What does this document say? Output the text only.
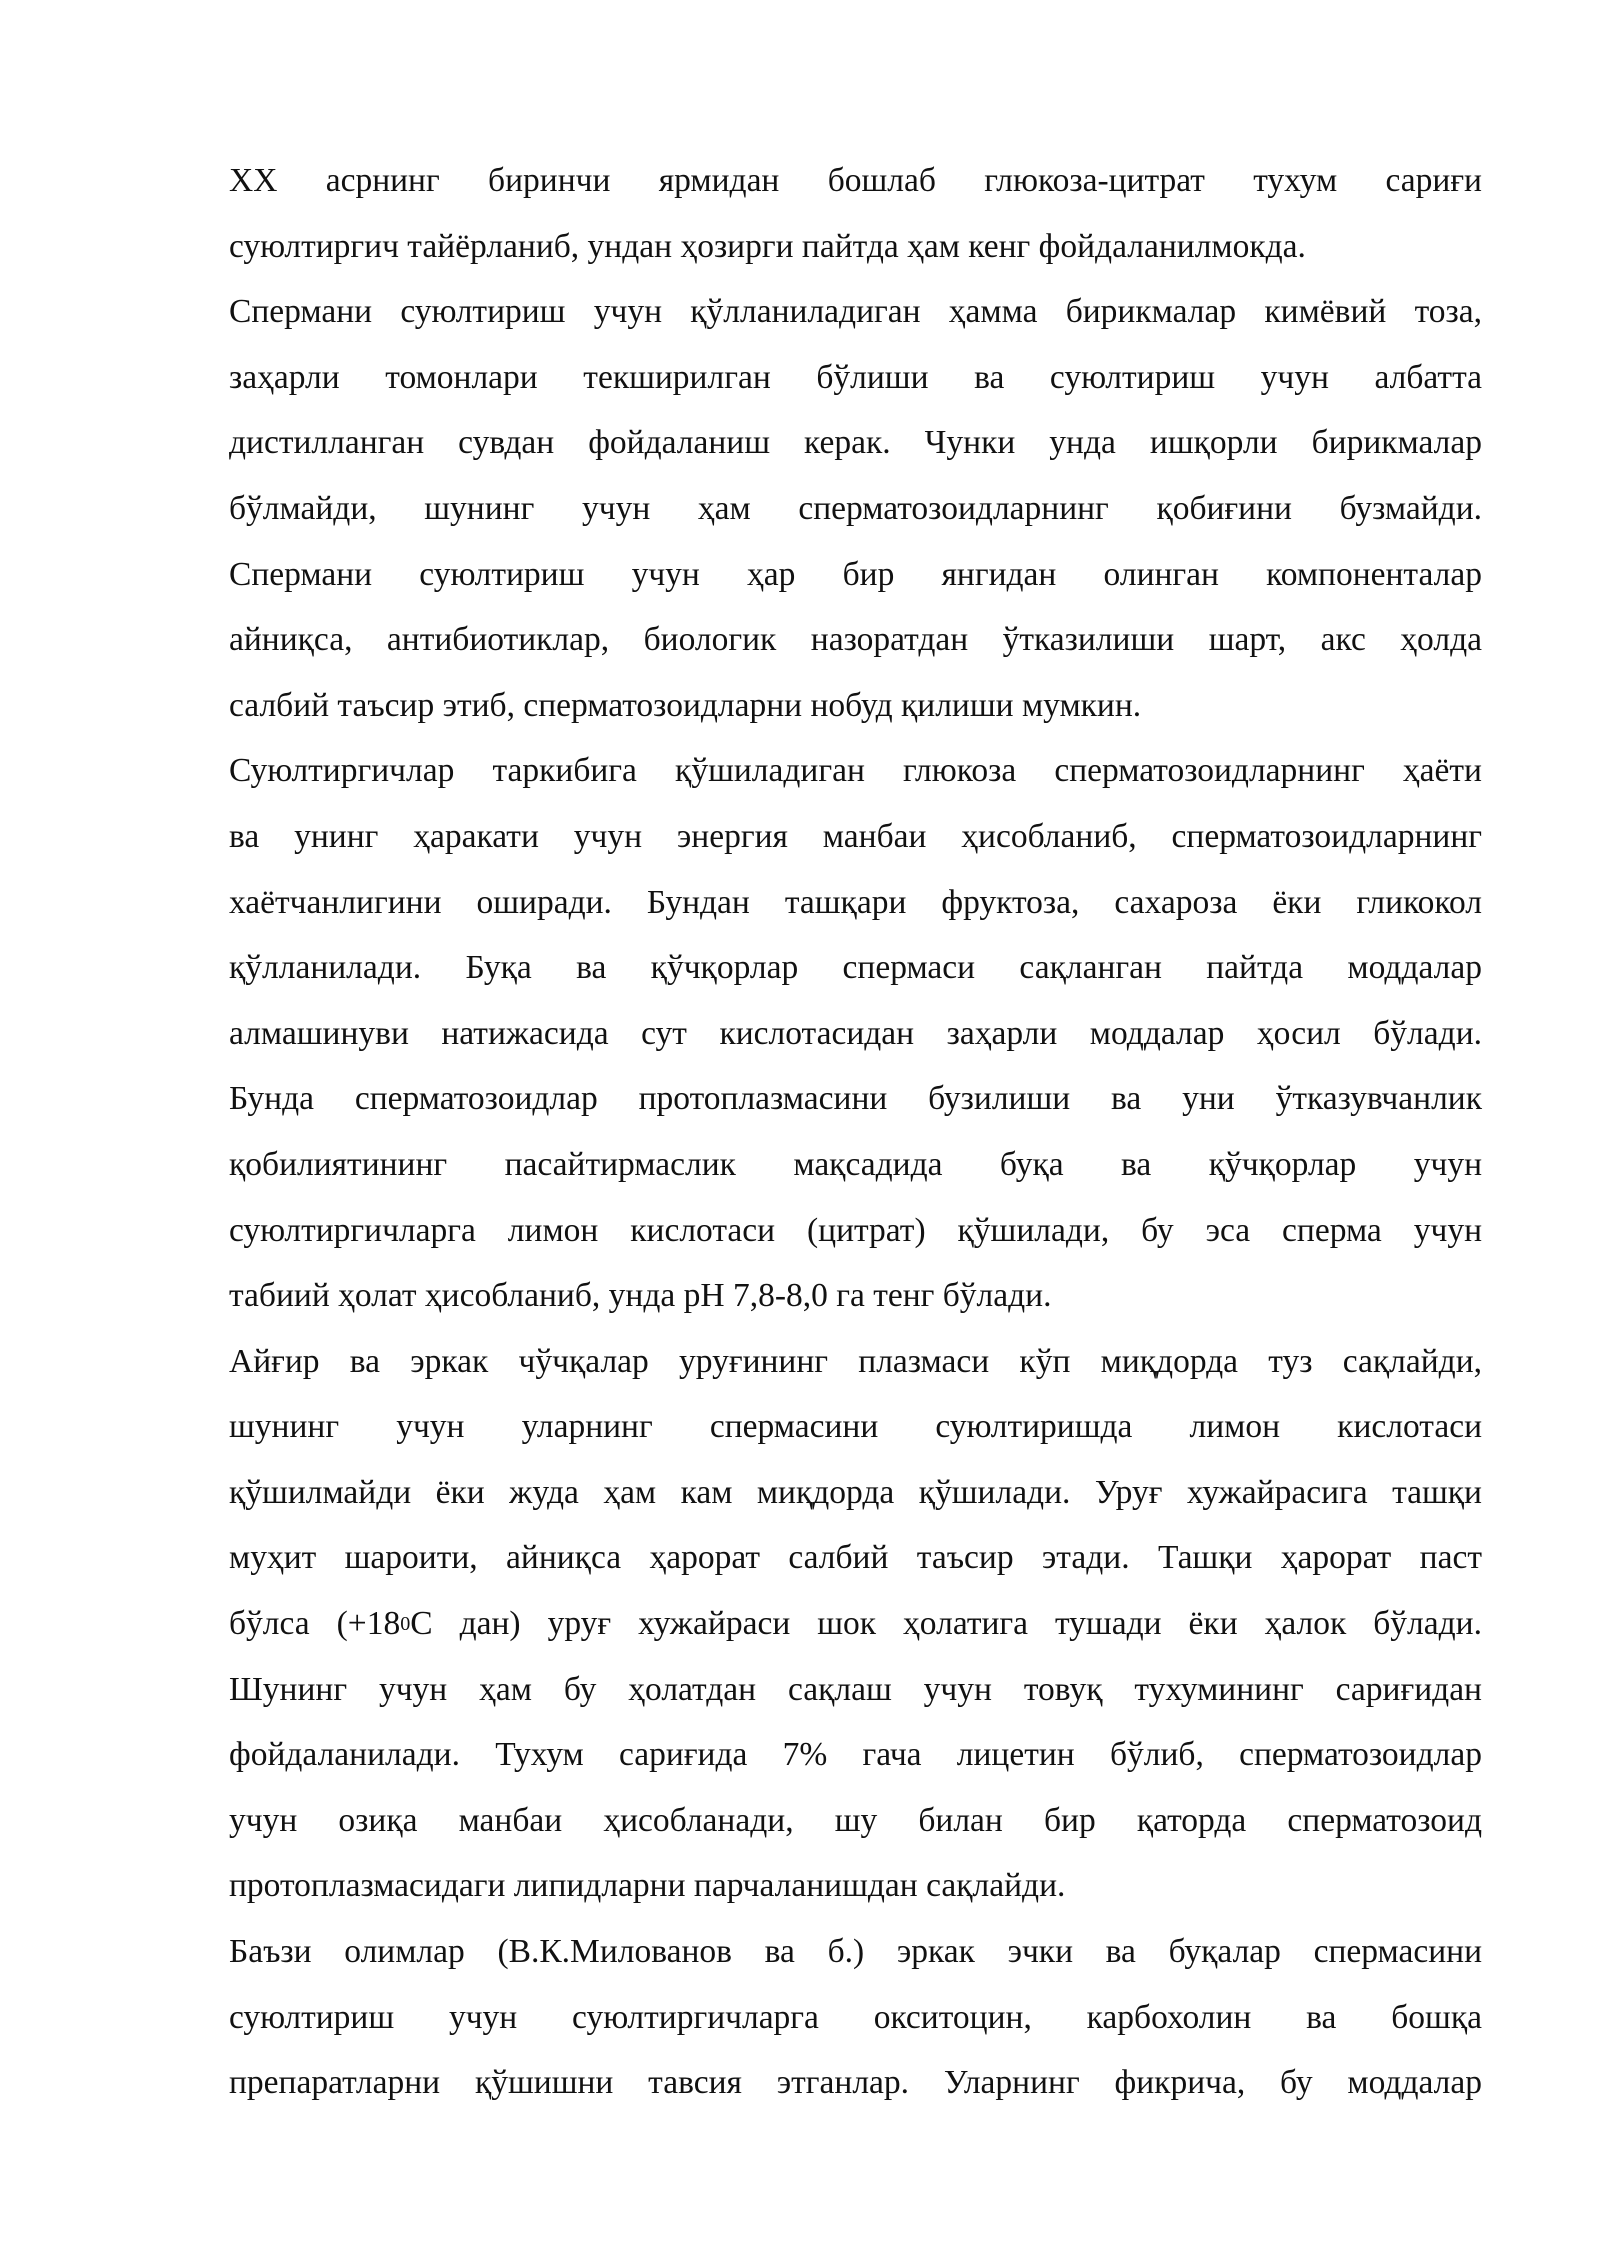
XX асрнинг биринчи ярмидан бошлаб глюкоза-цитрат тухум сариғи
суюлтиргич тайёрланиб, ундан ҳозирги пайтда ҳам кенг фойдаланилмокда.
Спермани суюлтириш учун қўлланиладиган ҳамма бирикмалар кимёвий тоза,
заҳарли томонлари текширилган бўлиши ва суюлтириш учун албатта
дистилланган сувдан фойдаланиш керак. Чунки унда ишқорли бирикмалар
бўлмайди, шунинг учун ҳам сперматозоидларнинг қобиғини бузмайди.
Спермани суюлтириш учун ҳар бир янгидан олинган компоненталар
айниқса, антибиотиклар, биологик назоратдан ўтказилиши шарт, акс ҳолда
салбий таъсир этиб, сперматозоидларни нобуд қилиши мумкин.
Суюлтиргичлар таркибига қўшиладиган глюкоза сперматозоидларнинг ҳаёти
ва унинг ҳаракати учун энергия манбаи ҳисобланиб, сперматозоидларнинг
хаётчанлигини оширади. Бундан ташқари фруктоза, сахароза ёки гликокол
қўлланилади. Буқа ва қўчқорлар спермаси сақланган пайтда моддалар
алмашинуви натижасида сут кислотасидан заҳарли моддалар ҳосил бўлади.
Бунда сперматозоидлар протоплазмасини бузилиши ва уни ўтказувчанлик
қобилиятининг пасайтирмаслик мақсадида буқа ва қўчқорлар учун
суюлтиргичларга лимон кислотаси (цитрат) қўшилади, бу эса сперма учун
табиий ҳолат ҳисобланиб, унда рН 7,8-8,0 га тенг бўлади.
Айғир ва эркак чўчқалар уруғининг плазмаси кўп миқдорда туз сақлайди,
шунинг учун уларнинг спермасини суюлтиришда лимон кислотаси
қўшилмайди ёки жуда ҳам кам миқдорда қўшилади. Уруғ хужайрасига ташқи
муҳит шароити, айниқса ҳарорат салбий таъсир этади. Ташқи ҳарорат паст
бўлса ($+18^0С$ дан) уруғ хужайраси шок ҳолатига тушади ёки ҳалок бўлади.
Шунинг учун ҳам бу ҳолатдан сақлаш учун товуқ тухумининг сариғидан
фойдаланилади. Тухум сариғида 7% гача лицетин бўлиб, сперматозоидлар
учун озиқа манбаи ҳисобланади, шу билан бир қаторда сперматозоид
протоплазмасидаги липидларни парчаланишдан сақлайди.
Баъзи олимлар (В.К.Милованов ва б.) эркак эчки ва буқалар спермасини
суюлтириш учун суюлтиргичларга окситоцин, карбохолин ва бошқа
препаратларни қўшишни тавсия этганлар. Уларнинг фикрича, бу моддалар
